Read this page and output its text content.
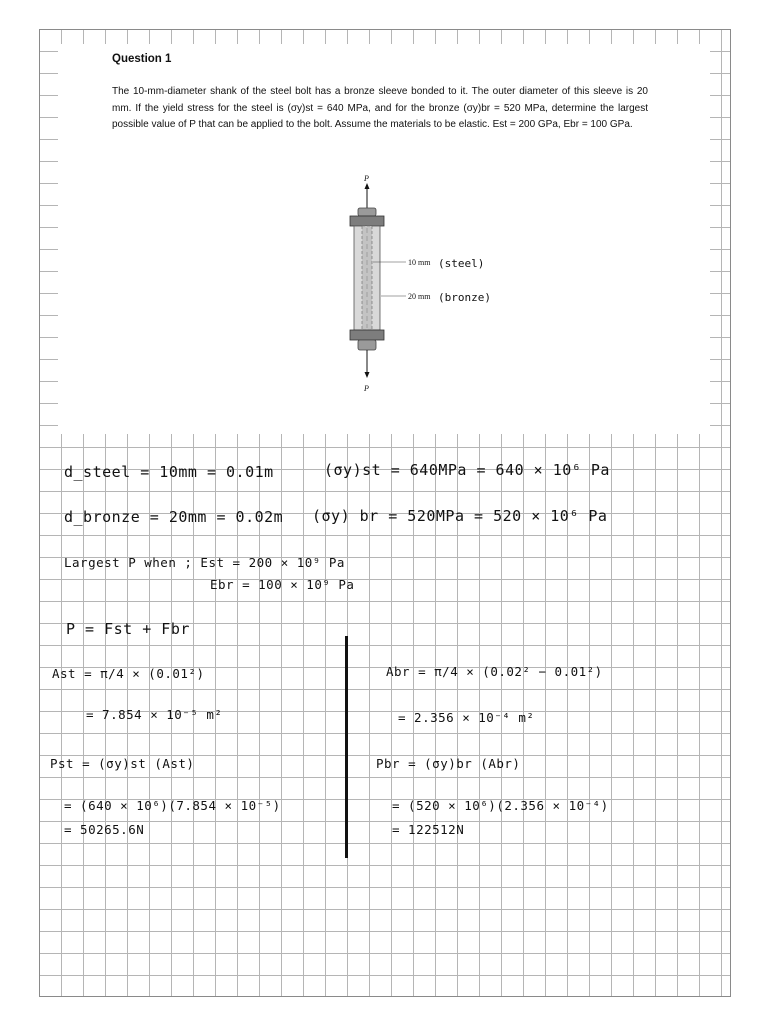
Question 1
The 10-mm-diameter shank of the steel bolt has a bronze sleeve bonded to it. The outer diameter of this sleeve is 20 mm. If the yield stress for the steel is (σy)st = 640 MPa, and for the bronze (σy)br = 520 MPa, determine the largest possible value of P that can be applied to the bolt. Assume the materials to be elastic. Est = 200 GPa, Ebr = 100 GPa.
P
P
10 mm (steel)
20 mm (bronze)
d_steel = 10mm = 0.01m	(σy)st = 640MPa = 640 × 10⁶ Pa
d_bronze = 20mm = 0.02m (σy) br = 520MPa = 520 × 10⁶ Pa
Largest P when ; Est = 200 × 10⁹ Pa
Ebr = 100 × 10⁹ Pa
P = Fst + Fbr
Ast = π/4 × (0.01²)
= 7.854 × 10⁻⁵ m²
Abr = π/4 × (0.02² − 0.01²)
= 2.356 × 10⁻⁴ m²
Pst = (σy)st (Ast)
= (640 × 10⁶)(7.854 × 10⁻⁵)
= 50265.6N
Pbr = (σy)br (Abr)
= (520 × 10⁶)(2.356 × 10⁻⁴)
= 122512N
